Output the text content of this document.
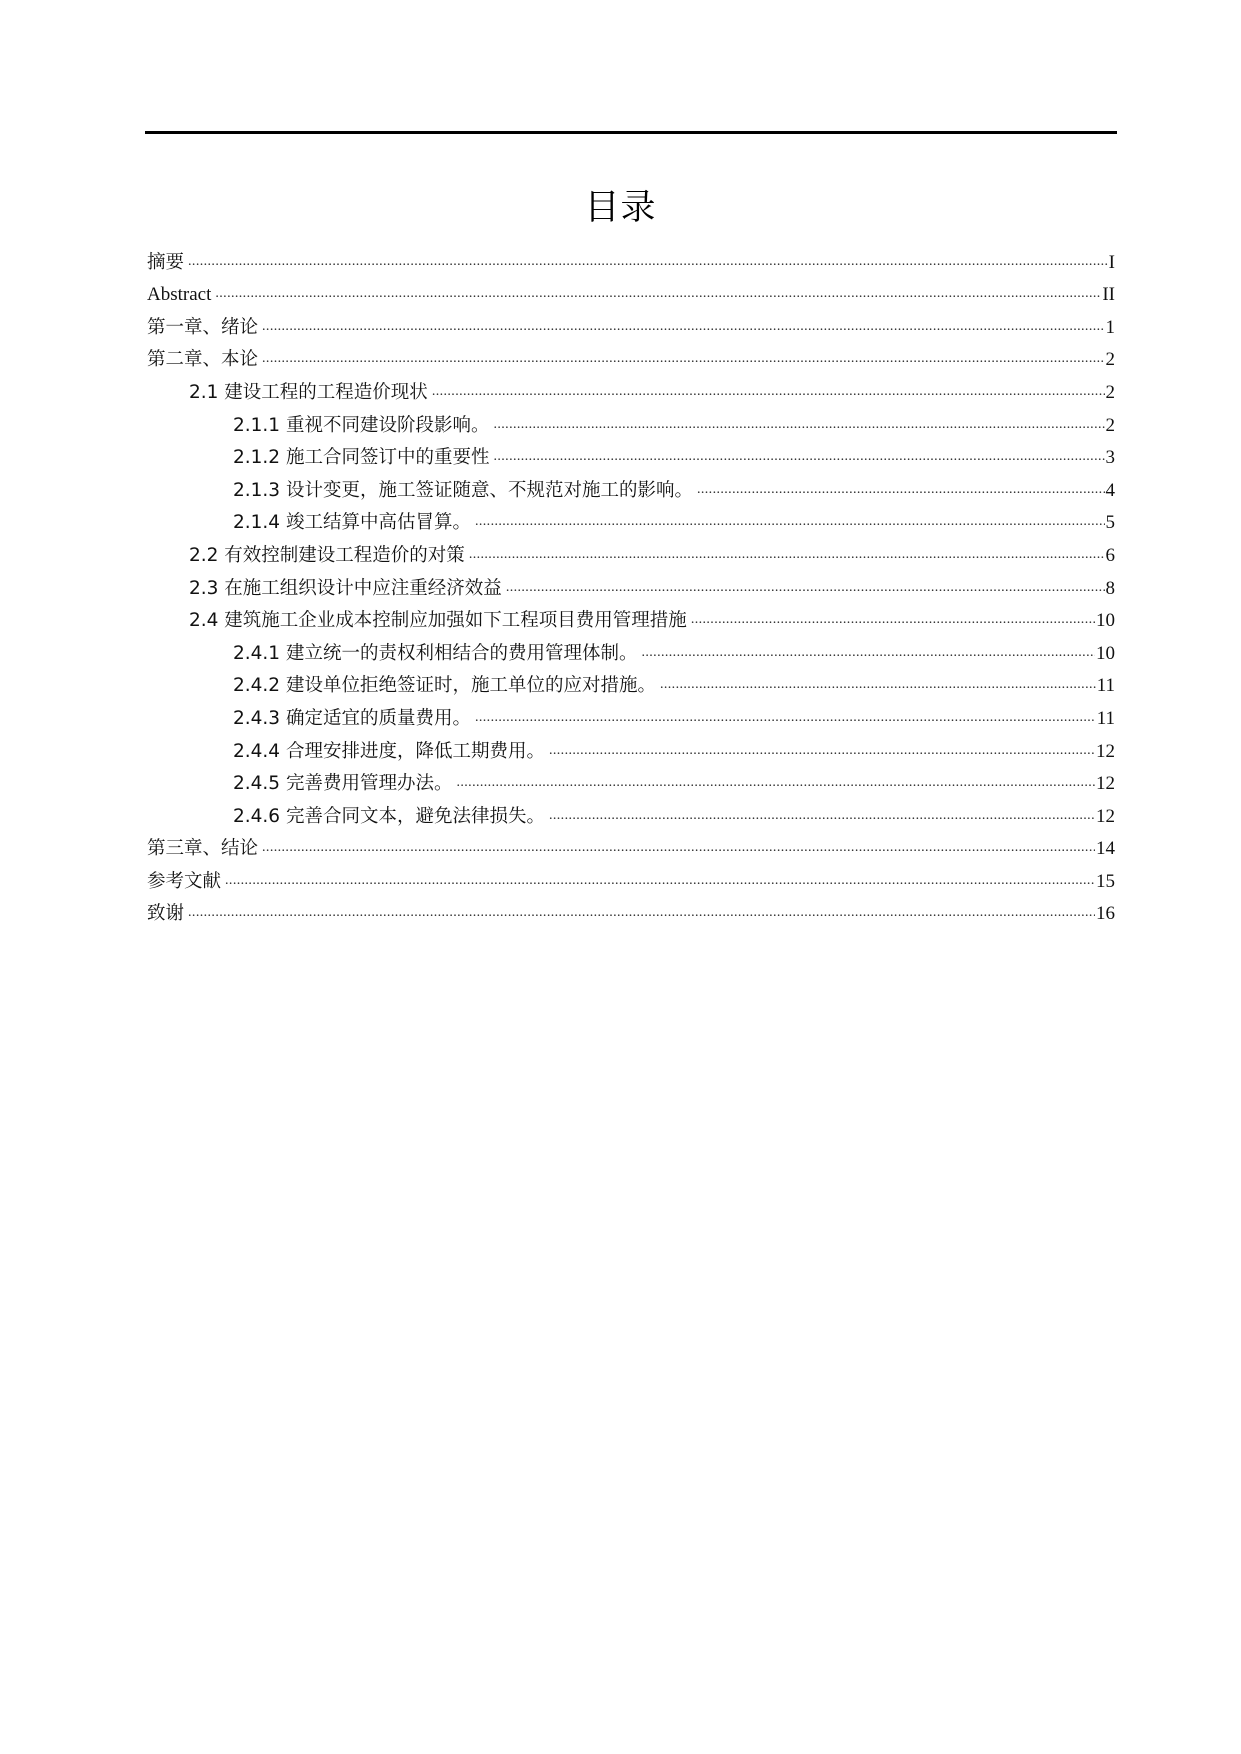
目录
摘要 .....	I
Abstract .....	II
第一章、绪论 .....	1
第二章、本论 .....	2
2.1 建设工程的工程造价现状 .....	2
2.1.1 重视不同建设阶段影响。 .....	2
2.1.2 施工合同签订中的重要性 .....	3
2.1.3 设计变更，施工签证随意、不规范对施工的影响。 .....	4
2.1.4 竣工结算中高估冒算。 .....	5
2.2 有效控制建设工程造价的对策 .....	6
2.3 在施工组织设计中应注重经济效益 .....	8
2.4 建筑施工企业成本控制应加强如下工程项目费用管理措施 .....	10
2.4.1 建立统一的责权利相结合的费用管理体制。 .....	10
2.4.2 建设单位拒绝签证时，施工单位的应对措施。 .....	11
2.4.3 确定适宜的质量费用。 .....	11
2.4.4 合理安排进度，降低工期费用。 .....	12
2.4.5 完善费用管理办法。 .....	12
2.4.6 完善合同文本，避免法律损失。 .....	12
第三章、结论 .....	14
参考文献 .....	15
致谢 .....	16
